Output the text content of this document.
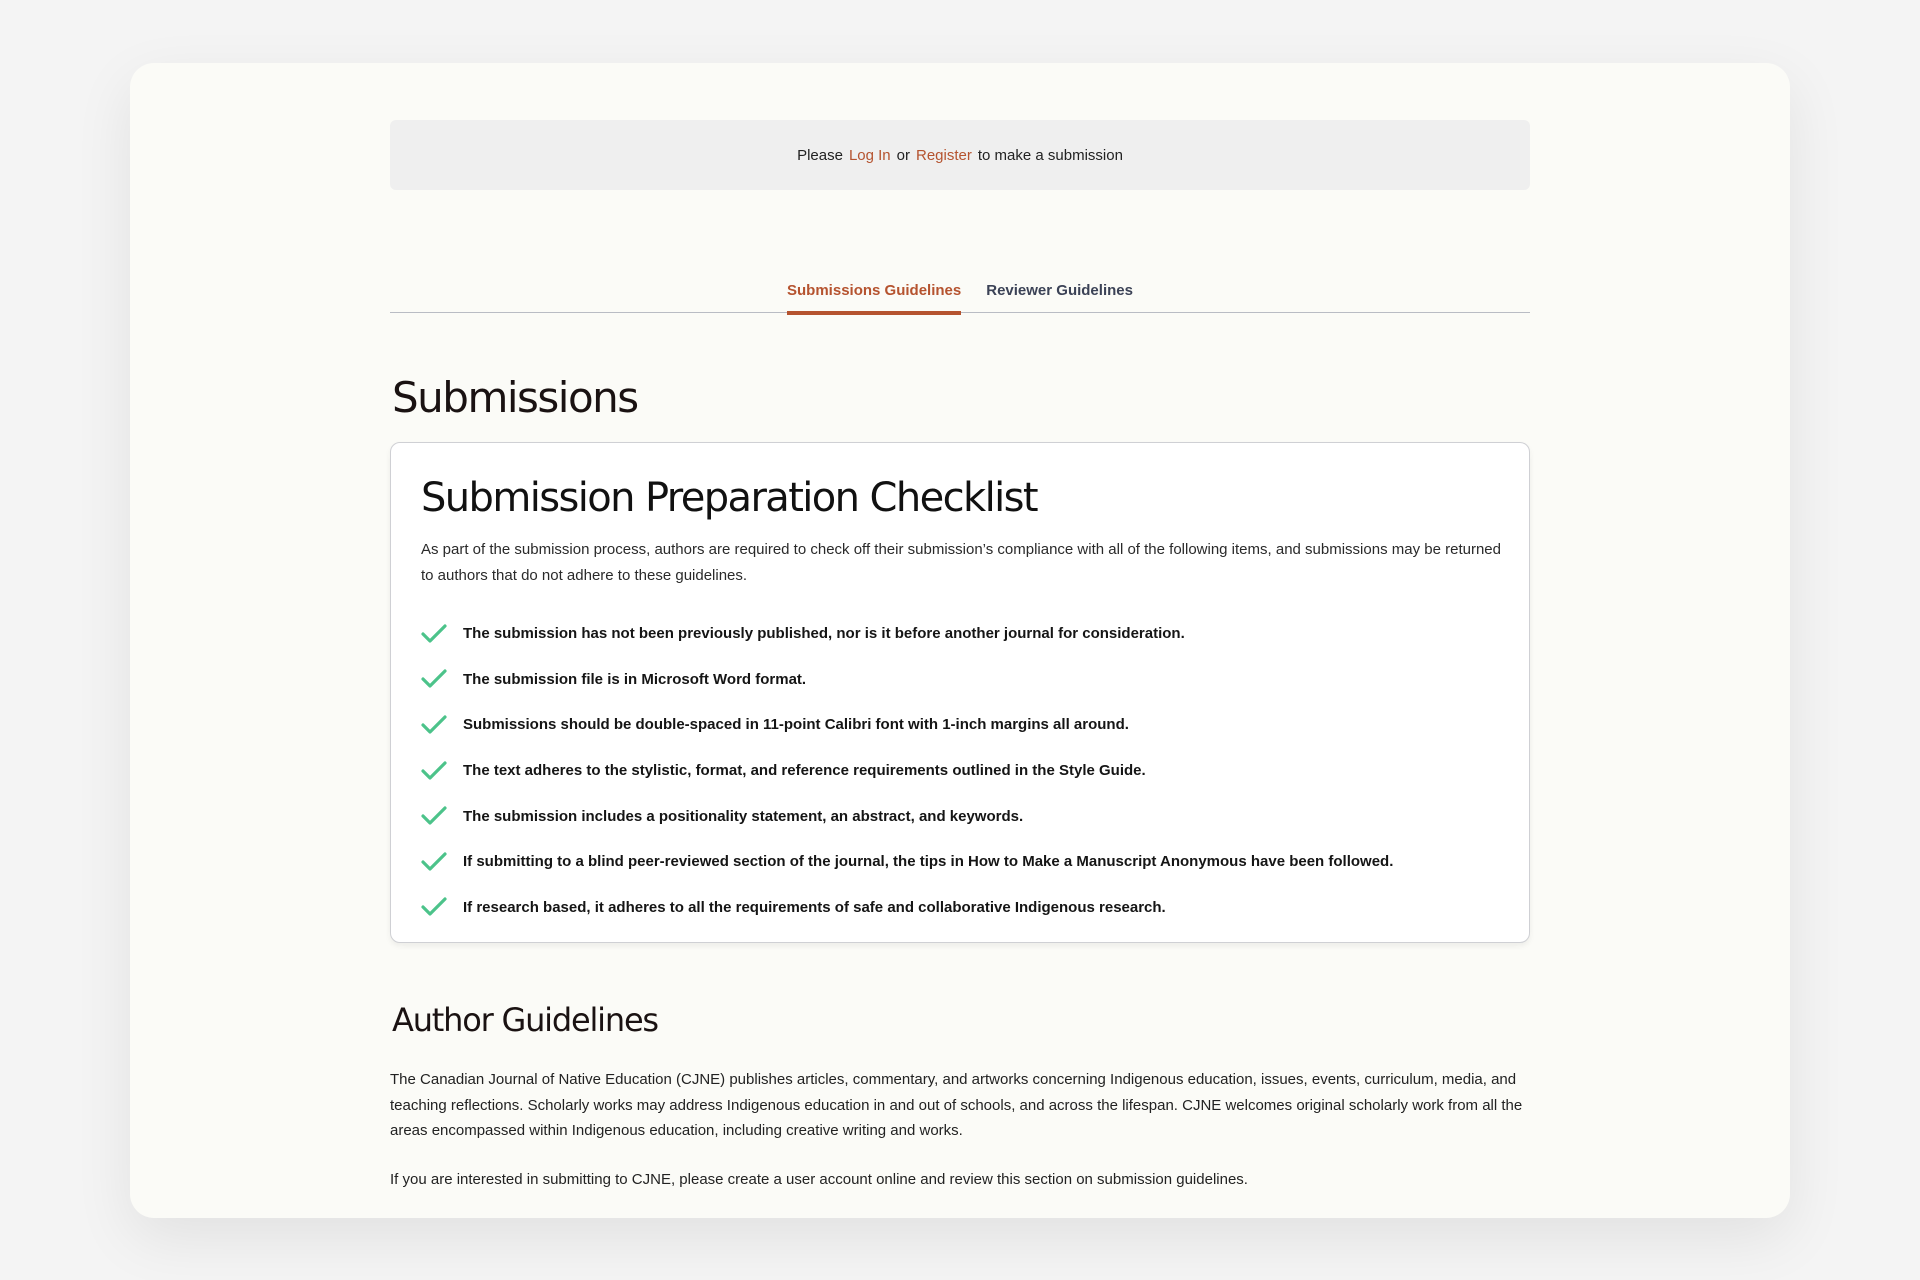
Please Log In or Register to make a submission
Submissions Guidelines Reviewer Guidelines
Submissions
Submission Preparation Checklist
As part of the submission process, authors are required to check off their submission’s compliance with all of the following items, and submissions may be returned to authors that do not adhere to these guidelines.
The submission has not been previously published, nor is it before another journal for consideration.
The submission file is in Microsoft Word format.
Submissions should be double-spaced in 11-point Calibri font with 1-inch margins all around.
The text adheres to the stylistic, format, and reference requirements outlined in the Style Guide.
The submission includes a positionality statement, an abstract, and keywords.
If submitting to a blind peer-reviewed section of the journal, the tips in How to Make a Manuscript Anonymous have been followed.
If research based, it adheres to all the requirements of safe and collaborative Indigenous research.
Author Guidelines

The Canadian Journal of Native Education (CJNE) publishes articles, commentary, and artworks concerning Indigenous education, issues, events, curriculum, media, and teaching reflections. Scholarly works may address Indigenous education in and out of schools, and across the lifespan. CJNE welcomes original scholarly work from all the areas encompassed within Indigenous education, including creative writing and works.

If you are interested in submitting to CJNE, please create a user account online and review this section on submission guidelines.
